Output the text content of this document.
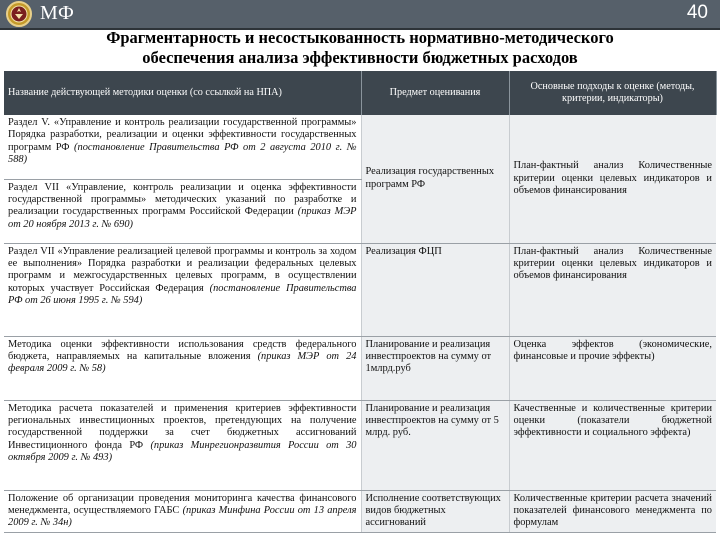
МФ	40
Фрагментарность и несостыкованность нормативно-методического
обеспечения анализа эффективности бюджетных расходов
Название действующей методики оценки (со ссылкой на НПА)	Предмет оценивания	Основные подходы к оценке (методы, критерии, индикаторы)
Раздел V. «Управление и контроль реализации государственной программы» Порядка разработки, реализации и оценки эффективности государственных программ РФ (постановление Правительства РФ от 2 августа 2010 г. № 588)	Реализация государственных программ РФ	План-фактный анализ Количественные критерии оценки целевых индикаторов и объемов финансирования
Раздел VII «Управление, контроль реализации и оценка эффективности государственной программы» методических указаний по разработке и реализации государственных программ Российской Федерации (приказ МЭР от 20 ноября 2013 г. № 690)		
Раздел VII «Управление реализацией целевой программы и контроль за ходом ее выполнения» Порядка разработки и реализации федеральных целевых программ и межгосударственных целевых программ, в осуществлении которых участвует Российская Федерация (постановление Правительства РФ от 26 июня 1995 г. № 594)	Реализация ФЦП	План-фактный анализ Количественные критерии оценки целевых индикаторов и объемов финансирования
Методика оценки эффективности использования средств федерального бюджета, направляемых на капитальные вложения (приказ МЭР от 24 февраля 2009 г. № 58)	Планирование и реализация инвестпроектов на сумму от 1млрд.руб	Оценка эффектов (экономические, финансовые и прочие эффекты)
Методика расчета показателей и применения критериев эффективности региональных инвестиционных проектов, претендующих на получение государственной поддержки за счет бюджетных ассигнований Инвестиционного фонда РФ (приказ Минрегионразвития России от 30 октября 2009 г. № 493)	Планирование и реализация инвестпроектов на сумму от 5 млрд. руб.	Качественные и количественные критерии оценки (показатели бюджетной эффективности и социального эффекта)
Положение об организации проведения мониторинга качества финансового менеджмента, осуществляемого ГАБС (приказ Минфина России от 13 апреля 2009 г. № 34н)	Исполнение соответствующих видов бюджетных ассигнований	Количественные критерии расчета значений показателей финансового менеджмента по формулам
